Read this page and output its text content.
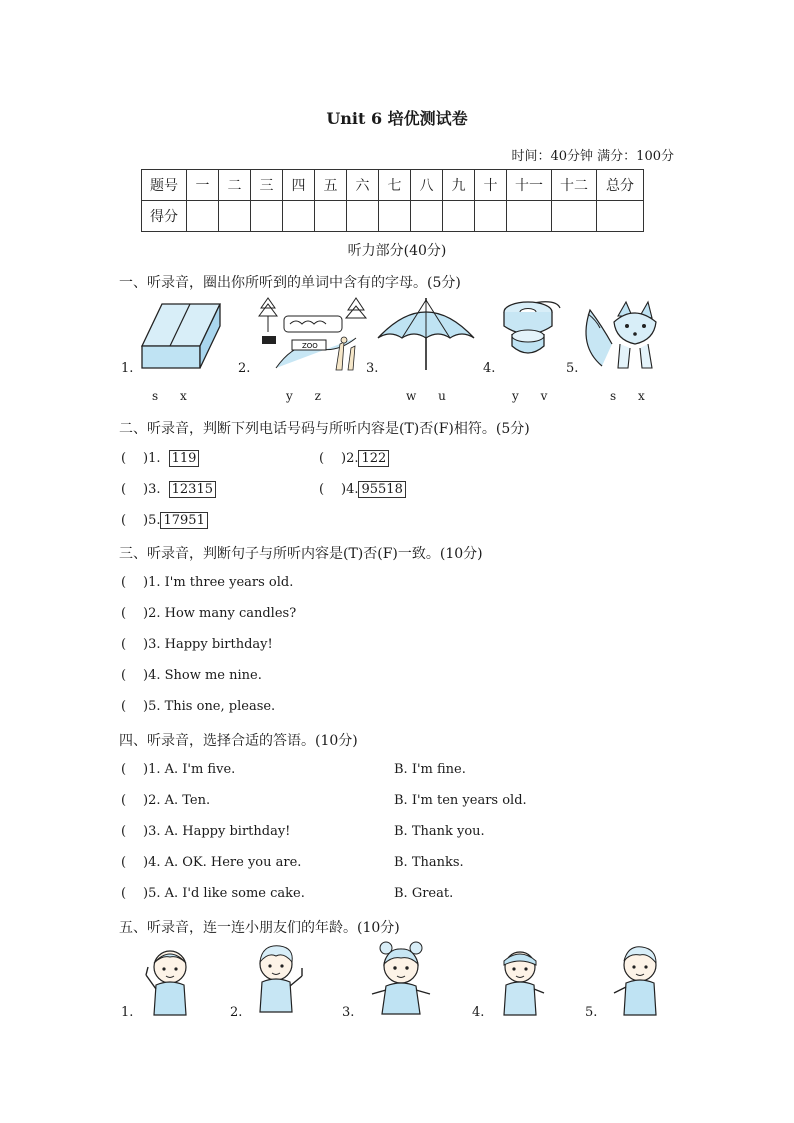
Unit 6 培优测试卷
时间：40分钟 满分：100分
题号	一	二	三	四	五	六	七	八	九	十	十一	十二	总分
得分													
听力部分(40分)
一、听录音，圈出你所听到的单词中含有的字母。(5分)
1.
s x
ZOO
2.
y z
3.
w u
4.
y v
5.
s x
二、听录音，判断下列电话号码与所听内容是(T)否(F)相符。(5分)
( )1. 119	( )2. 122
( )3. 12315	( )4. 95518
( )5. 17951
三、听录音，判断句子与所听内容是(T)否(F)一致。(10分)
( )1. I'm three years old.
( )2. How many candles?
( )3. Happy birthday!
( )4. Show me nine.
( )5. This one, please.
四、听录音，选择合适的答语。(10分)
( )1. A. I'm five.	B. I'm fine.
( )2. A. Ten.	B. I'm ten years old.
( )3. A. Happy birthday!	B. Thank you.
( )4. A. OK. Here you are.	B. Thanks.
( )5. A. I'd like some cake.	B. Great.
五、听录音，连一连小朋友们的年龄。(10分)
1.	2.	3.	4.	5.
